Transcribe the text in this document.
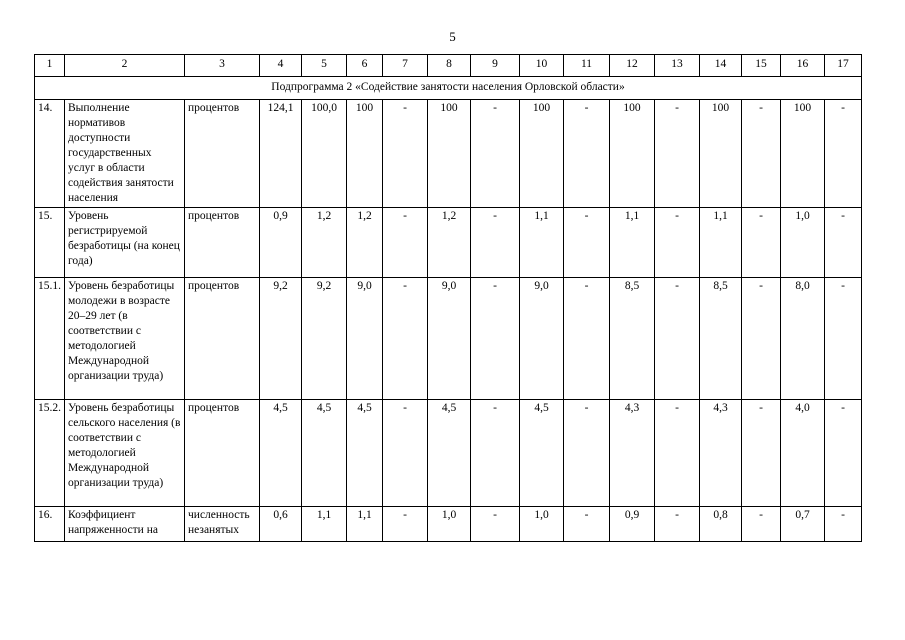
5
1	2	3	4	5	6	7	8	9	10	11	12	13	14	15	16	17
Подпрограмма 2 «Содействие занятости населения Орловской области»																
14.	Выполнение нормативов доступности государственных услуг в области содействия занятости населения	процентов	124,1	100,0	100	-	100	-	100	-	100	-	100	-	100	-
15.	Уровень регистрируемой безработицы (на конец года)	процентов	0,9	1,2	1,2	-	1,2	-	1,1	-	1,1	-	1,1	-	1,0	-
15.1.	Уровень безработицы молодежи в возрасте 20–29 лет (в соответствии с методологией Международной организации труда)	процентов	9,2	9,2	9,0	-	9,0	-	9,0	-	8,5	-	8,5	-	8,0	-
15.2.	Уровень безработицы сельского населения (в соответствии с методологией Международной организации труда)	процентов	4,5	4,5	4,5	-	4,5	-	4,5	-	4,3	-	4,3	-	4,0	-
16.	Коэффициент напряженности на	численность незанятых	0,6	1,1	1,1	-	1,0	-	1,0	-	0,9	-	0,8	-	0,7	-
